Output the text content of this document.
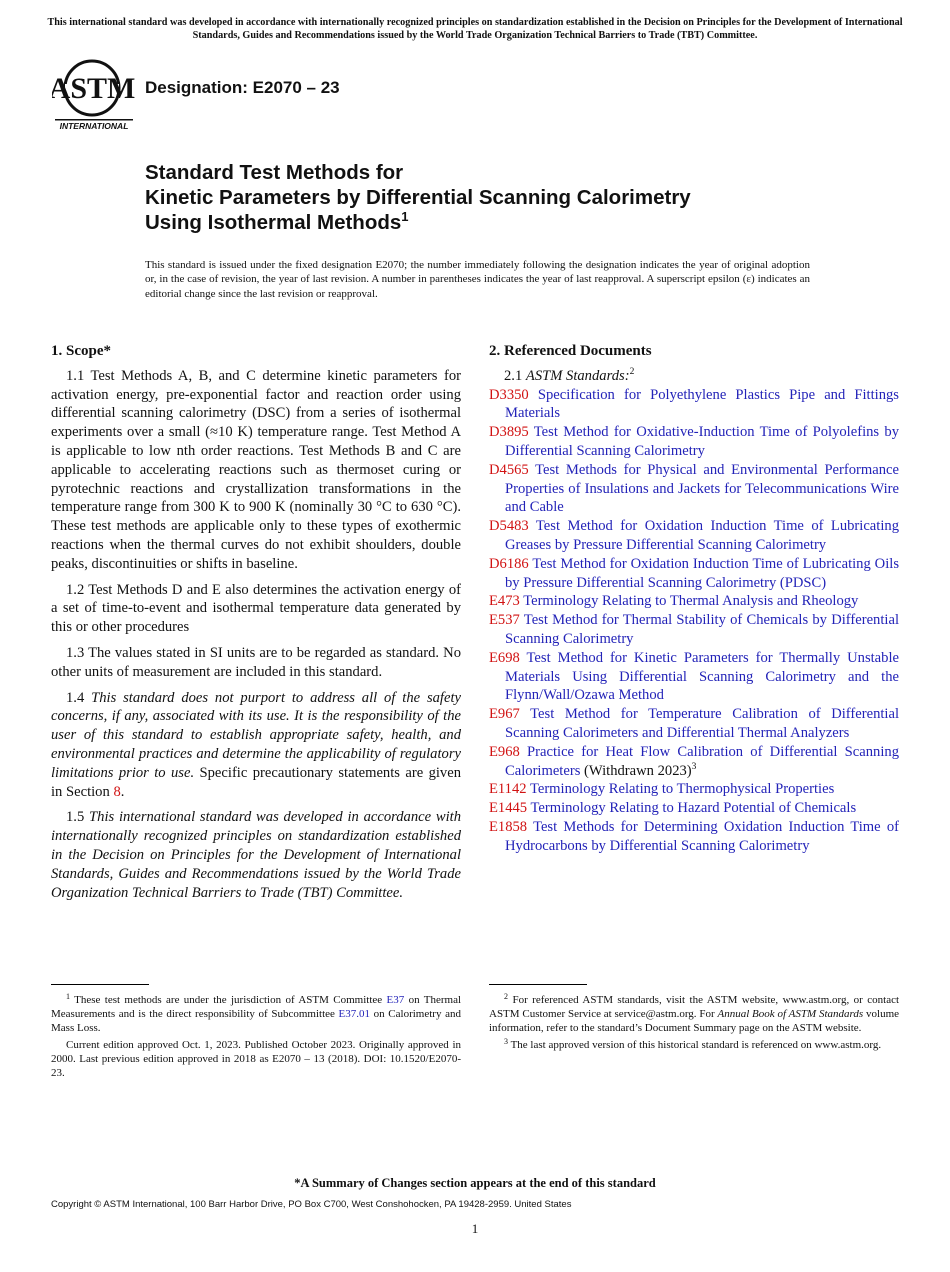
This international standard was developed in accordance with internationally recognized principles on standardization established in the Decision on Principles for the Development of International Standards, Guides and Recommendations issued by the World Trade Organization Technical Barriers to Trade (TBT) Committee.
ASTM
INTERNATIONAL
Designation: E2070 – 23
Standard Test Methods for
Kinetic Parameters by Differential Scanning Calorimetry
Using Isothermal Methods$^1$
This standard is issued under the fixed designation E2070; the number immediately following the designation indicates the year of original adoption or, in the case of revision, the year of last revision. A number in parentheses indicates the year of last reapproval. A superscript epsilon (ε) indicates an editorial change since the last revision or reapproval.
1. Scope*

1.1 Test Methods A, B, and C determine kinetic parameters for activation energy, pre-exponential factor and reaction order using differential scanning calorimetry (DSC) from a series of isothermal experiments over a small (≈10 K) temperature range. Test Method A is applicable to low nth order reactions. Test Methods B and C are applicable to accelerating reactions such as thermoset curing or pyrotechnic reactions and crystallization transformations in the temperature range from 300 K to 900 K (nominally 30 °C to 630 °C). These test methods are applicable only to these types of exothermic reactions when the thermal curves do not exhibit shoulders, double peaks, discontinuities or shifts in baseline.

1.2 Test Methods D and E also determines the activation energy of a set of time-to-event and isothermal temperature data generated by this or other procedures

1.3 The values stated in SI units are to be regarded as standard. No other units of measurement are included in this standard.

1.4 This standard does not purport to address all of the safety concerns, if any, associated with its use. It is the responsibility of the user of this standard to establish appropriate safety, health, and environmental practices and determine the applicability of regulatory limitations prior to use. Specific precautionary statements are given in Section 8.

1.5 This international standard was developed in accordance with internationally recognized principles on standardization established in the Decision on Principles for the Development of International Standards, Guides and Recommendations issued by the World Trade Organization Technical Barriers to Trade (TBT) Committee.

2. Referenced Documents

2.1 ASTM Standards:$^2$

D3350 Specification for Polyethylene Plastics Pipe and Fittings Materials

D3895 Test Method for Oxidative-Induction Time of Polyolefins by Differential Scanning Calorimetry

D4565 Test Methods for Physical and Environmental Performance Properties of Insulations and Jackets for Telecommunications Wire and Cable

D5483 Test Method for Oxidation Induction Time of Lubricating Greases by Pressure Differential Scanning Calorimetry

D6186 Test Method for Oxidation Induction Time of Lubricating Oils by Pressure Differential Scanning Calorimetry (PDSC)

E473 Terminology Relating to Thermal Analysis and Rheology

E537 Test Method for Thermal Stability of Chemicals by Differential Scanning Calorimetry

E698 Test Method for Kinetic Parameters for Thermally Unstable Materials Using Differential Scanning Calorimetry and the Flynn/Wall/Ozawa Method

E967 Test Method for Temperature Calibration of Differential Scanning Calorimeters and Differential Thermal Analyzers

E968 Practice for Heat Flow Calibration of Differential Scanning Calorimeters (Withdrawn 2023)$^3$

E1142 Terminology Relating to Thermophysical Properties

E1445 Terminology Relating to Hazard Potential of Chemicals

E1858 Test Methods for Determining Oxidation Induction Time of Hydrocarbons by Differential Scanning Calorimetry

$^1$ These test methods are under the jurisdiction of ASTM Committee E37 on Thermal Measurements and is the direct responsibility of Subcommittee E37.01 on Calorimetry and Mass Loss.

Current edition approved Oct. 1, 2023. Published October 2023. Originally approved in 2000. Last previous edition approved in 2018 as E2070 – 13 (2018). DOI: 10.1520/E2070-23.

$^2$ For referenced ASTM standards, visit the ASTM website, www.astm.org, or contact ASTM Customer Service at service@astm.org. For Annual Book of ASTM Standards volume information, refer to the standard’s Document Summary page on the ASTM website.

$^3$ The last approved version of this historical standard is referenced on www.astm.org.

*A Summary of Changes section appears at the end of this standard
Copyright © ASTM International, 100 Barr Harbor Drive, PO Box C700, West Conshohocken, PA 19428-2959. United States
1
